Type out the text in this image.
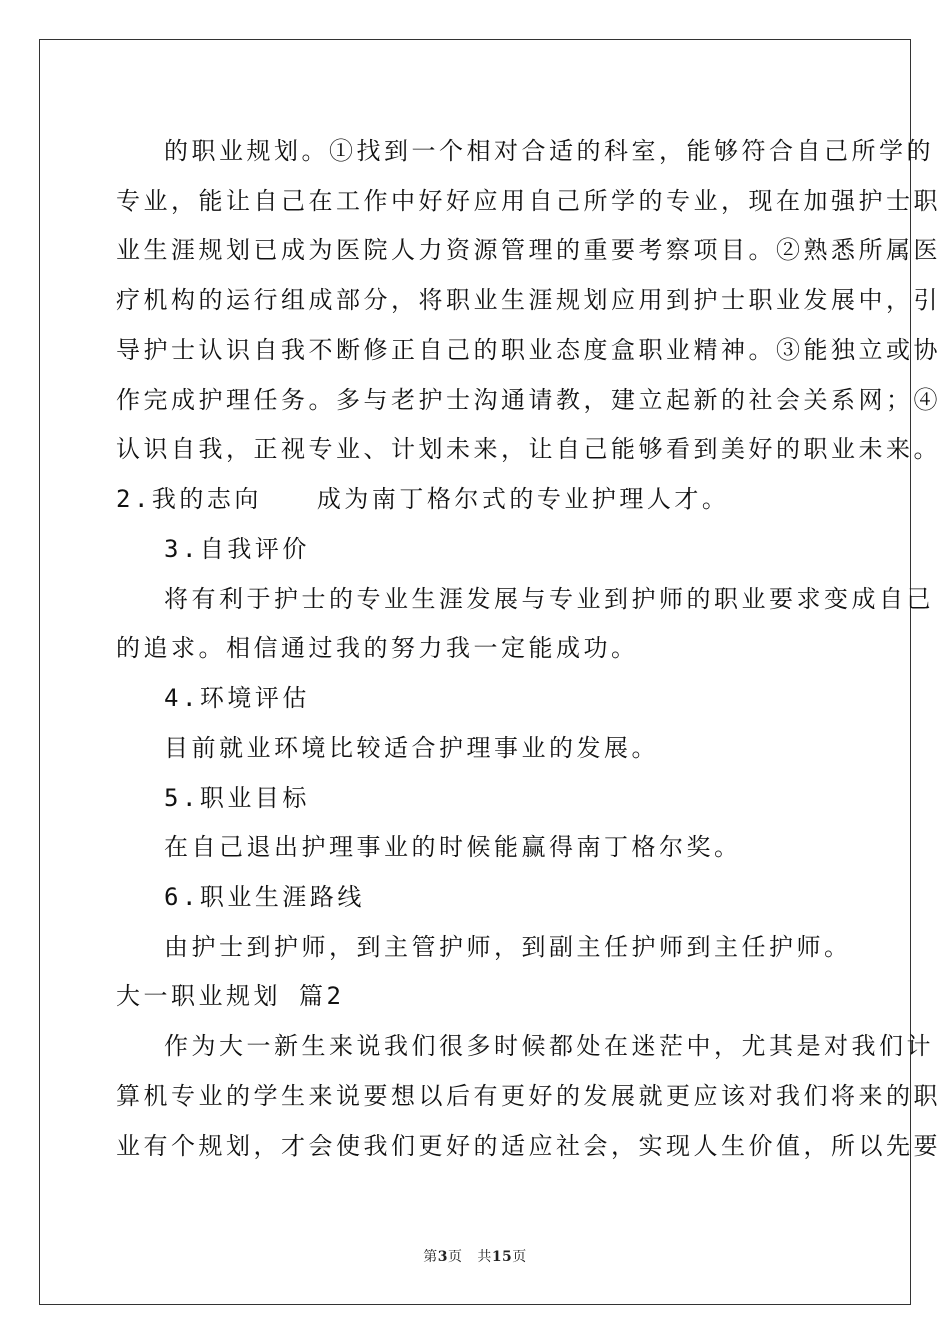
的职业规划。①找到一个相对合适的科室，能够符合自己所学的
专业，能让自己在工作中好好应用自己所学的专业，现在加强护士职
业生涯规划已成为医院人力资源管理的重要考察项目。②熟悉所属医
疗机构的运行组成部分，将职业生涯规划应用到护士职业发展中，引
导护士认识自我不断修正自己的职业态度盒职业精神。③能独立或协
作完成护理任务。多与老护士沟通请教，建立起新的社会关系网；④
认识自我，正视专业、计划未来，让自己能够看到美好的职业未来。
2.我的志向　　成为南丁格尔式的专业护理人才。
3.自我评价
将有利于护士的专业生涯发展与专业到护师的职业要求变成自己
的追求。相信通过我的努力我一定能成功。
4.环境评估
目前就业环境比较适合护理事业的发展。
5.职业目标
在自己退出护理事业的时候能赢得南丁格尔奖。
6.职业生涯路线
由护士到护师，到主管护师，到副主任护师到主任护师。
大一职业规划 篇2
作为大一新生来说我们很多时候都处在迷茫中，尤其是对我们计
算机专业的学生来说要想以后有更好的发展就更应该对我们将来的职
业有个规划，才会使我们更好的适应社会，实现人生价值，所以先要
第3页 共15页
